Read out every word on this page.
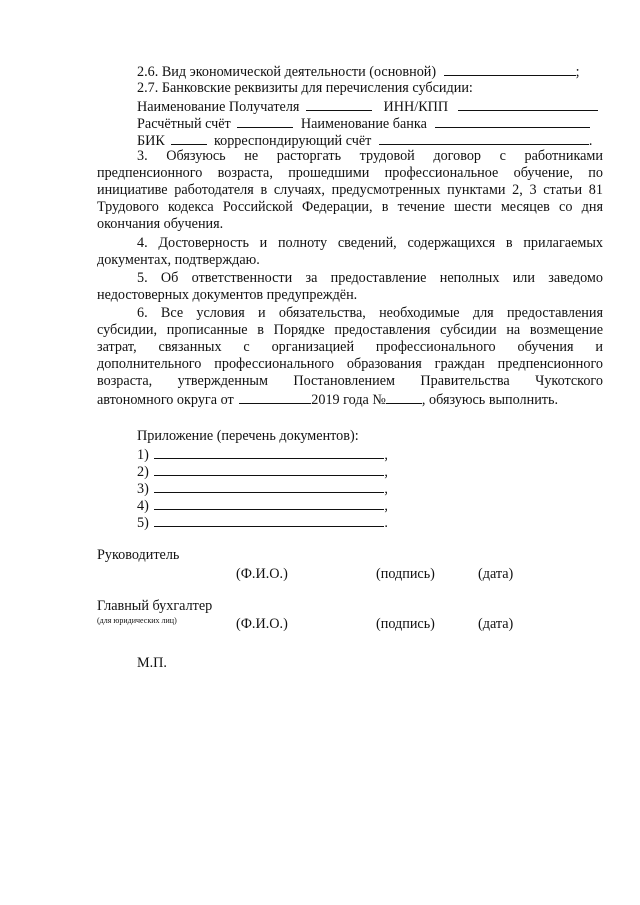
2.6. Вид экономической деятельности (основной)	;
2.7. Банковские реквизиты для перечисления субсидии:
Наименование Получателя	ИНН/КПП
Расчётный счёт	Наименование банка
БИК	корреспондирующий счёт	.
3. Обязуюсь не расторгать трудовой договор с работниками
предпенсионного возраста, прошедшими профессиональное обучение, по
инициативе работодателя в случаях, предусмотренных пунктами 2, 3 статьи 81
Трудового кодекса Российской Федерации, в течение шести месяцев со дня
окончания обучения.
4. Достоверность и полноту сведений, содержащихся в прилагаемых
документах, подтверждаю.
5. Об ответственности за предоставление неполных или заведомо
недостоверных документов предупреждён.
6. Все условия и обязательства, необходимые для предоставления
субсидии, прописанные в Порядке предоставления субсидии на возмещение
затрат, связанных с организацией профессионального обучения и
дополнительного профессионального образования граждан предпенсионного
возраста, утвержденным Постановлением Правительства Чукотского
автономного округа от	2019 года №	, обязуюсь выполнить.
Приложение (перечень документов):
1)	,
2)	,
3)	,
4)	,
5)	.
Руководитель
(Ф.И.О.)	(подпись)	(дата)
Главный бухгалтер
(для юридических лиц)	(Ф.И.О.)	(подпись)	(дата)
М.П.
